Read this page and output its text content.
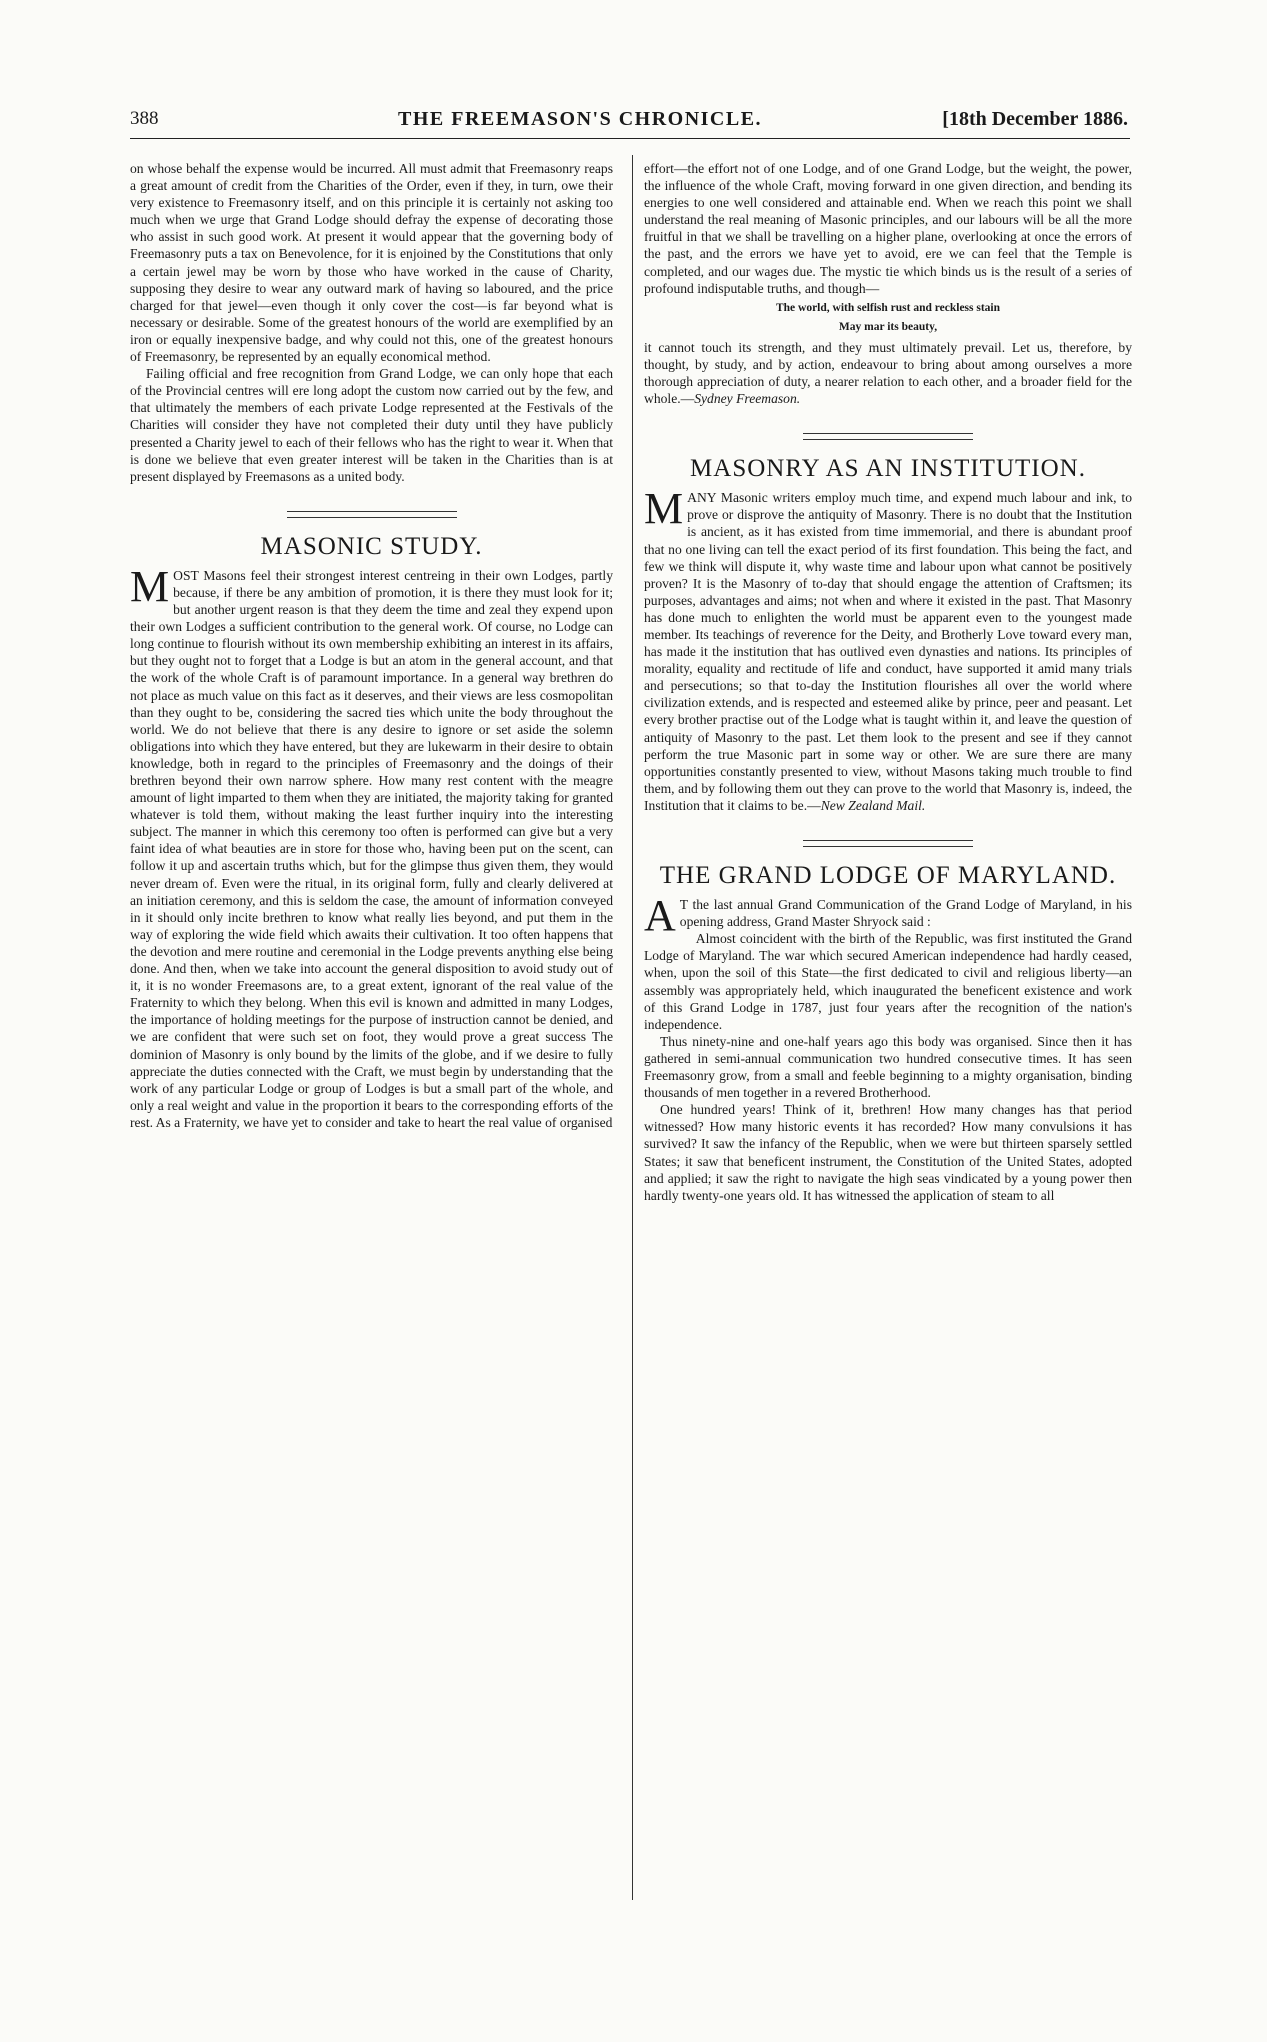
388	THE FREEMASON'S CHRONICLE.	[18th December 1886.

on whose behalf the expense would be incurred. All must admit that Freemasonry reaps a great amount of credit from the Charities of the Order, even if they, in turn, owe their very existence to Freemasonry itself, and on this principle it is certainly not asking too much when we urge that Grand Lodge should defray the expense of decorating those who assist in such good work. At present it would appear that the governing body of Freemasonry puts a tax on Benevolence, for it is enjoined by the Constitutions that only a certain jewel may be worn by those who have worked in the cause of Charity, supposing they desire to wear any outward mark of having so laboured, and the price charged for that jewel—even though it only cover the cost—is far beyond what is necessary or desirable. Some of the greatest honours of the world are exemplified by an iron or equally inexpensive badge, and why could not this, one of the greatest honours of Freemasonry, be represented by an equally economical method.

Failing official and free recognition from Grand Lodge, we can only hope that each of the Provincial centres will ere long adopt the custom now carried out by the few, and that ultimately the members of each private Lodge represented at the Festivals of the Charities will consider they have not completed their duty until they have publicly presented a Charity jewel to each of their fellows who has the right to wear it. When that is done we believe that even greater interest will be taken in the Charities than is at present displayed by Freemasons as a united body.

MASONIC STUDY.

MOST Masons feel their strongest interest centreing in their own Lodges, partly because, if there be any ambition of promotion, it is there they must look for it; but another urgent reason is that they deem the time and zeal they expend upon their own Lodges a sufficient contribution to the general work. Of course, no Lodge can long continue to flourish without its own membership exhibiting an interest in its affairs, but they ought not to forget that a Lodge is but an atom in the general account, and that the work of the whole Craft is of paramount importance. In a general way brethren do not place as much value on this fact as it deserves, and their views are less cosmopolitan than they ought to be, considering the sacred ties which unite the body throughout the world. We do not believe that there is any desire to ignore or set aside the solemn obligations into which they have entered, but they are lukewarm in their desire to obtain knowledge, both in regard to the principles of Freemasonry and the doings of their brethren beyond their own narrow sphere. How many rest content with the meagre amount of light imparted to them when they are initiated, the majority taking for granted whatever is told them, without making the least further inquiry into the interesting subject. The manner in which this ceremony too often is performed can give but a very faint idea of what beauties are in store for those who, having been put on the scent, can follow it up and ascertain truths which, but for the glimpse thus given them, they would never dream of. Even were the ritual, in its original form, fully and clearly delivered at an initiation ceremony, and this is seldom the case, the amount of information conveyed in it should only incite brethren to know what really lies beyond, and put them in the way of exploring the wide field which awaits their cultivation. It too often happens that the devotion and mere routine and ceremonial in the Lodge prevents anything else being done. And then, when we take into account the general disposition to avoid study out of it, it is no wonder Freemasons are, to a great extent, ignorant of the real value of the Fraternity to which they belong. When this evil is known and admitted in many Lodges, the importance of holding meetings for the purpose of instruction cannot be denied, and we are confident that were such set on foot, they would prove a great success The dominion of Masonry is only bound by the limits of the globe, and if we desire to fully appreciate the duties connected with the Craft, we must begin by understanding that the work of any particular Lodge or group of Lodges is but a small part of the whole, and only a real weight and value in the proportion it bears to the corresponding efforts of the rest. As a Fraternity, we have yet to consider and take to heart the real value of organised

effort—the effort not of one Lodge, and of one Grand Lodge, but the weight, the power, the influence of the whole Craft, moving forward in one given direction, and bending its energies to one well considered and attainable end. When we reach this point we shall understand the real meaning of Masonic principles, and our labours will be all the more fruitful in that we shall be travelling on a higher plane, overlooking at once the errors of the past, and the errors we have yet to avoid, ere we can feel that the Temple is completed, and our wages due. The mystic tie which binds us is the result of a series of profound indisputable truths, and though—

The world, with selfish rust and reckless stain
May mar its beauty,

it cannot touch its strength, and they must ultimately prevail. Let us, therefore, by thought, by study, and by action, endeavour to bring about among ourselves a more thorough appreciation of duty, a nearer relation to each other, and a broader field for the whole.—Sydney Freemason.

MASONRY AS AN INSTITUTION.

MANY Masonic writers employ much time, and expend much labour and ink, to prove or disprove the antiquity of Masonry. There is no doubt that the Institution is ancient, as it has existed from time immemorial, and there is abundant proof that no one living can tell the exact period of its first foundation. This being the fact, and few we think will dispute it, why waste time and labour upon what cannot be positively proven? It is the Masonry of to-day that should engage the attention of Craftsmen; its purposes, advantages and aims; not when and where it existed in the past. That Masonry has done much to enlighten the world must be apparent even to the youngest made member. Its teachings of reverence for the Deity, and Brotherly Love toward every man, has made it the institution that has outlived even dynasties and nations. Its principles of morality, equality and rectitude of life and conduct, have supported it amid many trials and persecutions; so that to-day the Institution flourishes all over the world where civilization extends, and is respected and esteemed alike by prince, peer and peasant. Let every brother practise out of the Lodge what is taught within it, and leave the question of antiquity of Masonry to the past. Let them look to the present and see if they cannot perform the true Masonic part in some way or other. We are sure there are many opportunities constantly presented to view, without Masons taking much trouble to find them, and by following them out they can prove to the world that Masonry is, indeed, the Institution that it claims to be.—New Zealand Mail.

THE GRAND LODGE OF MARYLAND.

A T the last annual Grand Communication of the Grand Lodge of Maryland, in his opening address, Grand Master Shryock said :

Almost coincident with the birth of the Republic, was first instituted the Grand Lodge of Maryland. The war which secured American independence had hardly ceased, when, upon the soil of this State—the first dedicated to civil and religious liberty—an assembly was appropriately held, which inaugurated the beneficent existence and work of this Grand Lodge in 1787, just four years after the recognition of the nation's independence.

Thus ninety-nine and one-half years ago this body was organised. Since then it has gathered in semi-annual communication two hundred consecutive times. It has seen Freemasonry grow, from a small and feeble beginning to a mighty organisation, binding thousands of men together in a revered Brotherhood.

One hundred years! Think of it, brethren! How many changes has that period witnessed? How many historic events it has recorded? How many convulsions it has survived? It saw the infancy of the Republic, when we were but thirteen sparsely settled States; it saw that beneficent instrument, the Constitution of the United States, adopted and applied; it saw the right to navigate the high seas vindicated by a young power then hardly twenty-one years old. It has witnessed the application of steam to all
